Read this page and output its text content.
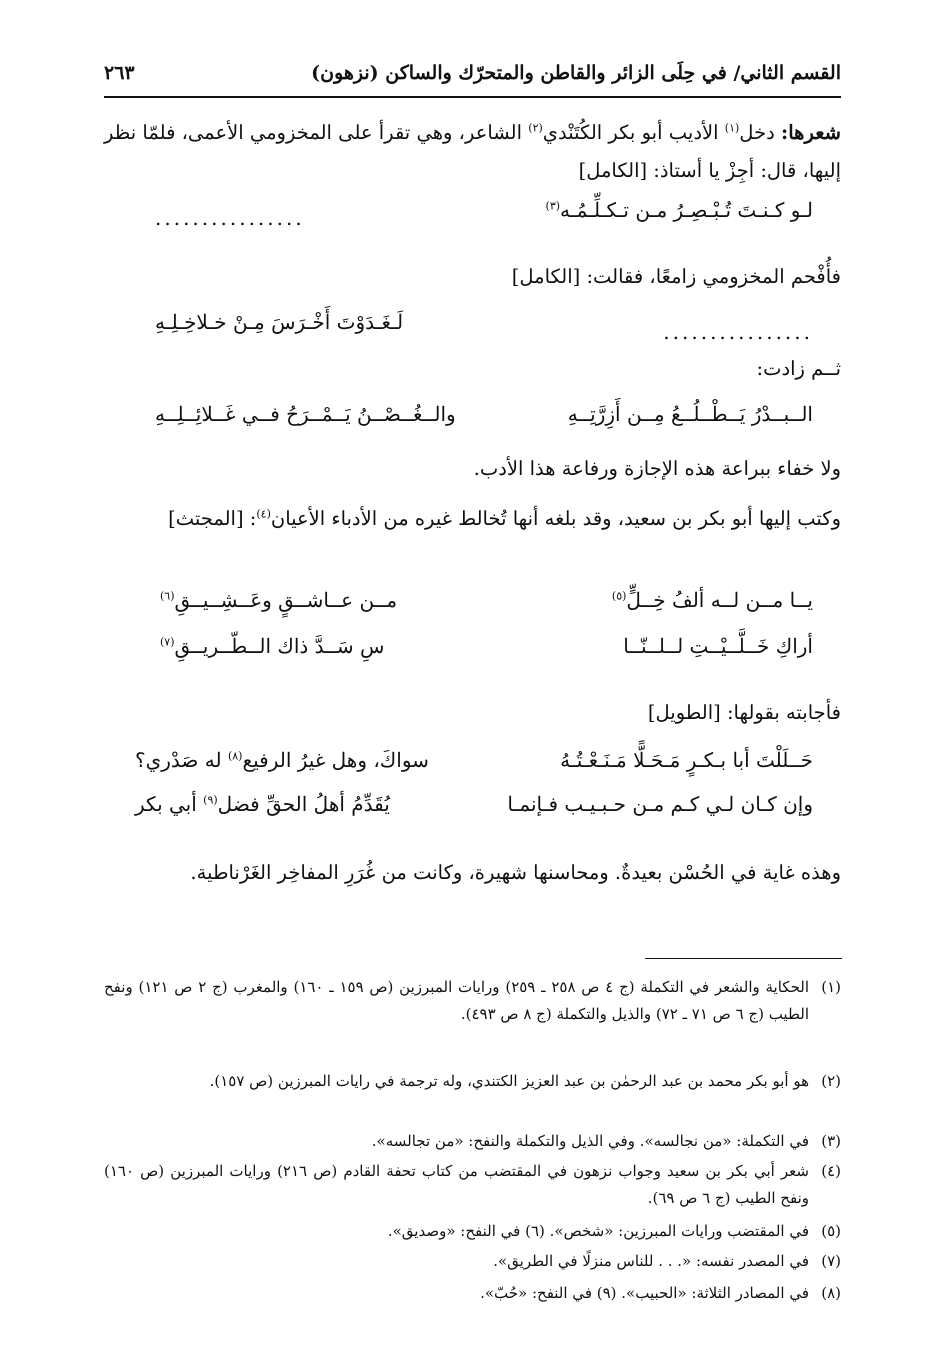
القسم الثاني/ في حِلَى الزائر والقاطن والمتحرّك والساكن (نزهون)
٢٦٣

شعرها: دخل$^{(١)}$ الأديب أبو بكر الكُتَنْدي$^{(٢)}$ الشاعر، وهي تقرأ على المخزومي الأعمى، فلمّا نظر إليها، قال: أجِزْ يا أستاذ: [الكامل]

لـو كـنـتَ تُـبْـصِـرُ مـن تـكـلِّـمُـه$^{(٣)}$
................

فأُفْحم المخزومي زامعًا، فقالت: [الكامل]

................
لَـغَـدَوْتَ أَخْـرَسَ مِـنْ خـلاخِـلِـهِ

ثــم زادت:

الــبــدْرُ يَــطْــلُــعُ مِــن أَزِرَّتِــهِ
والــغُــصْــنُ يَــمْــرَحُ فــي غَــلائِــلِــهِ

ولا خفاء ببراعة هذه الإجازة ورفاعة هذا الأدب.

وكتب إليها أبو بكر بن سعيد، وقد بلغه أنها تُخالط غيره من الأدباء الأعيان$^{(٤)}$: [المجتث]

يــا مــن لــه ألفُ خِــلٍّ$^{(٥)}$
مــن عــاشــقٍ وعَــشِــيــقِ$^{(٦)}$
أراكِ خَــلَّــيْــتِ لــلــنّــا
سِ سَــدَّ ذاك الــطّــريــقِ$^{(٧)}$

فأجابته بقولها: [الطويل]

حَــلَلْتَ أبا بـكـرٍ مَـحَـلًّا مَـنَـعْـتُـهُ
سواكَ، وهل غيرُ الرفيع$^{(٨)}$ له صَدْري؟
وإن كـان لـي كـم مـن حـبـيـب فـإنمـا
يُقَدِّمُ أهلُ الحقِّ فضل$^{(٩)}$ أبي بكر

وهذه غاية في الحُسْن بعيدةٌ. ومحاسنها شهيرة، وكانت من غُرَرِ المفاخِر الغَرْناطية.

(١)
الحكاية والشعر في التكملة (ج ٤ ص ٢٥٨ ـ ٢٥٩) ورايات المبرزين (ص ١٥٩ ـ ١٦٠) والمغرب (ج ٢ ص ١٢١) ونفح الطيب (ج ٦ ص ٧١ ـ ٧٢) والذيل والتكملة (ج ٨ ص ٤٩٣).
(٢)
هو أبو بكر محمد بن عبد الرحمٰن بن عبد العزيز الكتندي، وله ترجمة في رايات المبرزين (ص ١٥٧).
(٣)
في التكملة: «من نجالسه». وفي الذيل والتكملة والنفح: «من تجالسه».
(٤)
شعر أبي بكر بن سعيد وجواب نزهون في المقتضب من كتاب تحفة القادم (ص ٢١٦) ورايات المبرزين (ص ١٦٠) ونفح الطيب (ج ٦ ص ٦٩).
(٥)
في المقتضب ورايات المبرزين: «شخص». (٦) في النفح: «وصديق».
(٧)
في المصدر نفسه: «. . . للناس منزلًا في الطريق».
(٨)
في المصادر الثلاثة: «الحبيب». (٩) في النفح: «حُبّ».
